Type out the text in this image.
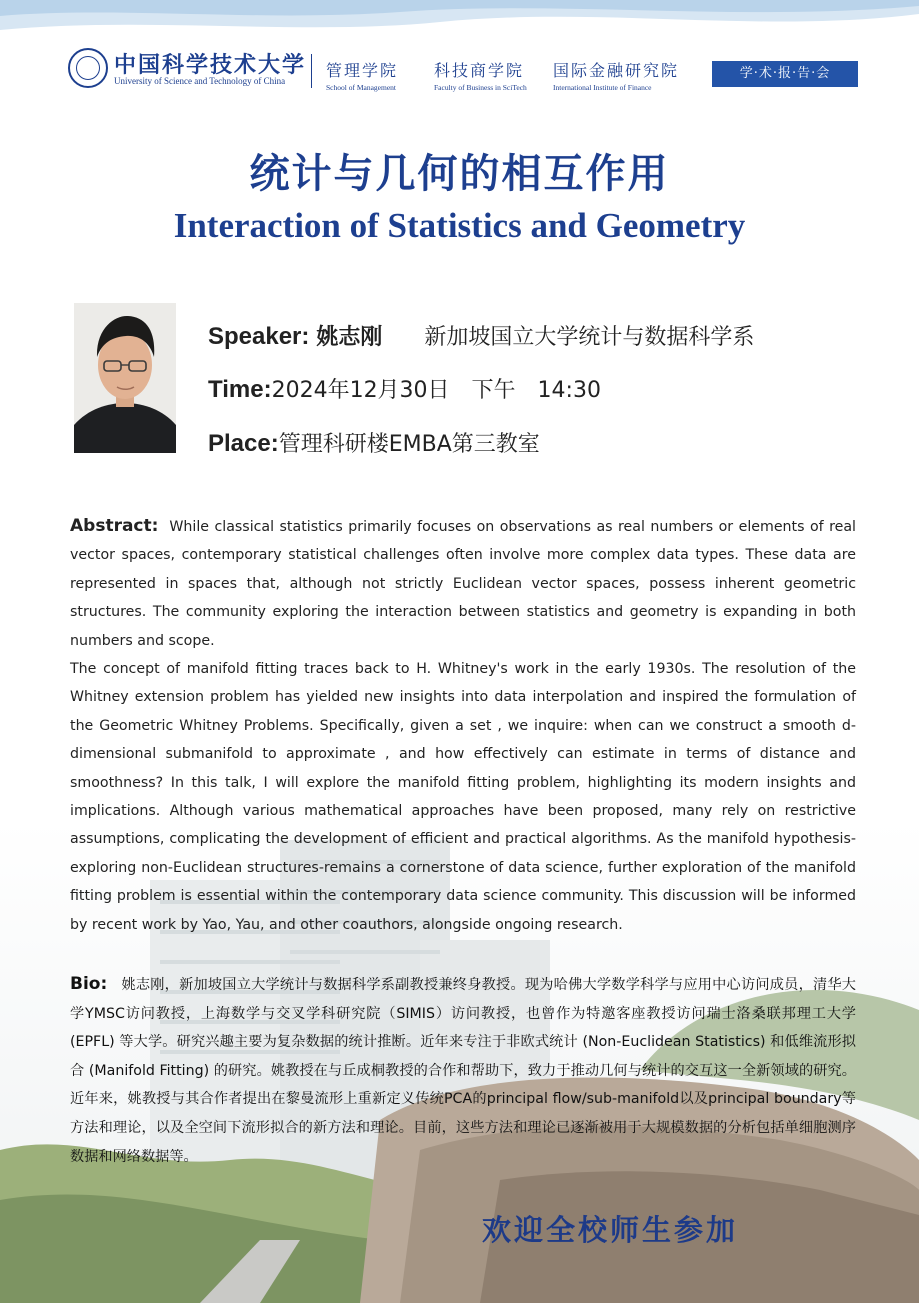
中国科学技术大学
University of Science and Technology of China
管理学院
School of Management
科技商学院
Faculty of Business in SciTech
国际金融研究院
International Institute of Finance
学·术·报·告·会
统计与几何的相互作用
Interaction of Statistics and Geometry
Speaker: 姚志刚 新加坡国立大学统计与数据科学系
Time:2024年12月30日　下午　14:30
Place:管理科研楼EMBA第三教室

Abstract: While classical statistics primarily focuses on observations as real numbers or elements of real vector spaces, contemporary statistical challenges often involve more complex data types. These data are represented in spaces that, although not strictly Euclidean vector spaces, possess inherent geometric structures. The community exploring the interaction between statistics and geometry is expanding in both numbers and scope.

The concept of manifold fitting traces back to H. Whitney's work in the early 1930s. The resolution of the Whitney extension problem has yielded new insights into data interpolation and inspired the formulation of the Geometric Whitney Problems. Specifically, given a set , we inquire: when can we construct a smooth d-dimensional submanifold to approximate , and how effectively can estimate in terms of distance and smoothness? In this talk, I will explore the manifold fitting problem, highlighting its modern insights and implications. Although various mathematical approaches have been proposed, many rely on restrictive assumptions, complicating the development of efficient and practical algorithms. As the manifold hypothesis-exploring non-Euclidean structures-remains a cornerstone of data science, further exploration of the manifold fitting problem is essential within the contemporary data science community. This discussion will be informed by recent work by Yao, Yau, and other coauthors, alongside ongoing research.

Bio: 姚志刚，新加坡国立大学统计与数据科学系副教授兼终身教授。现为哈佛大学数学科学与应用中心访问成员，清华大学YMSC访问教授，上海数学与交叉学科研究院（SIMIS）访问教授，也曾作为特邀客座教授访问瑞士洛桑联邦理工大学 (EPFL) 等大学。研究兴趣主要为复杂数据的统计推断。近年来专注于非欧式统计 (Non-Euclidean Statistics) 和低维流形拟合 (Manifold Fitting) 的研究。姚教授在与丘成桐教授的合作和帮助下，致力于推动几何与统计的交互这一全新领域的研究。近年来，姚教授与其合作者提出在黎曼流形上重新定义传统PCA的principal flow/sub-manifold以及principal boundary等方法和理论，以及全空间下流形拟合的新方法和理论。目前，这些方法和理论已逐渐被用于大规模数据的分析包括单细胞测序数据和网络数据等。
欢迎全校师生参加
